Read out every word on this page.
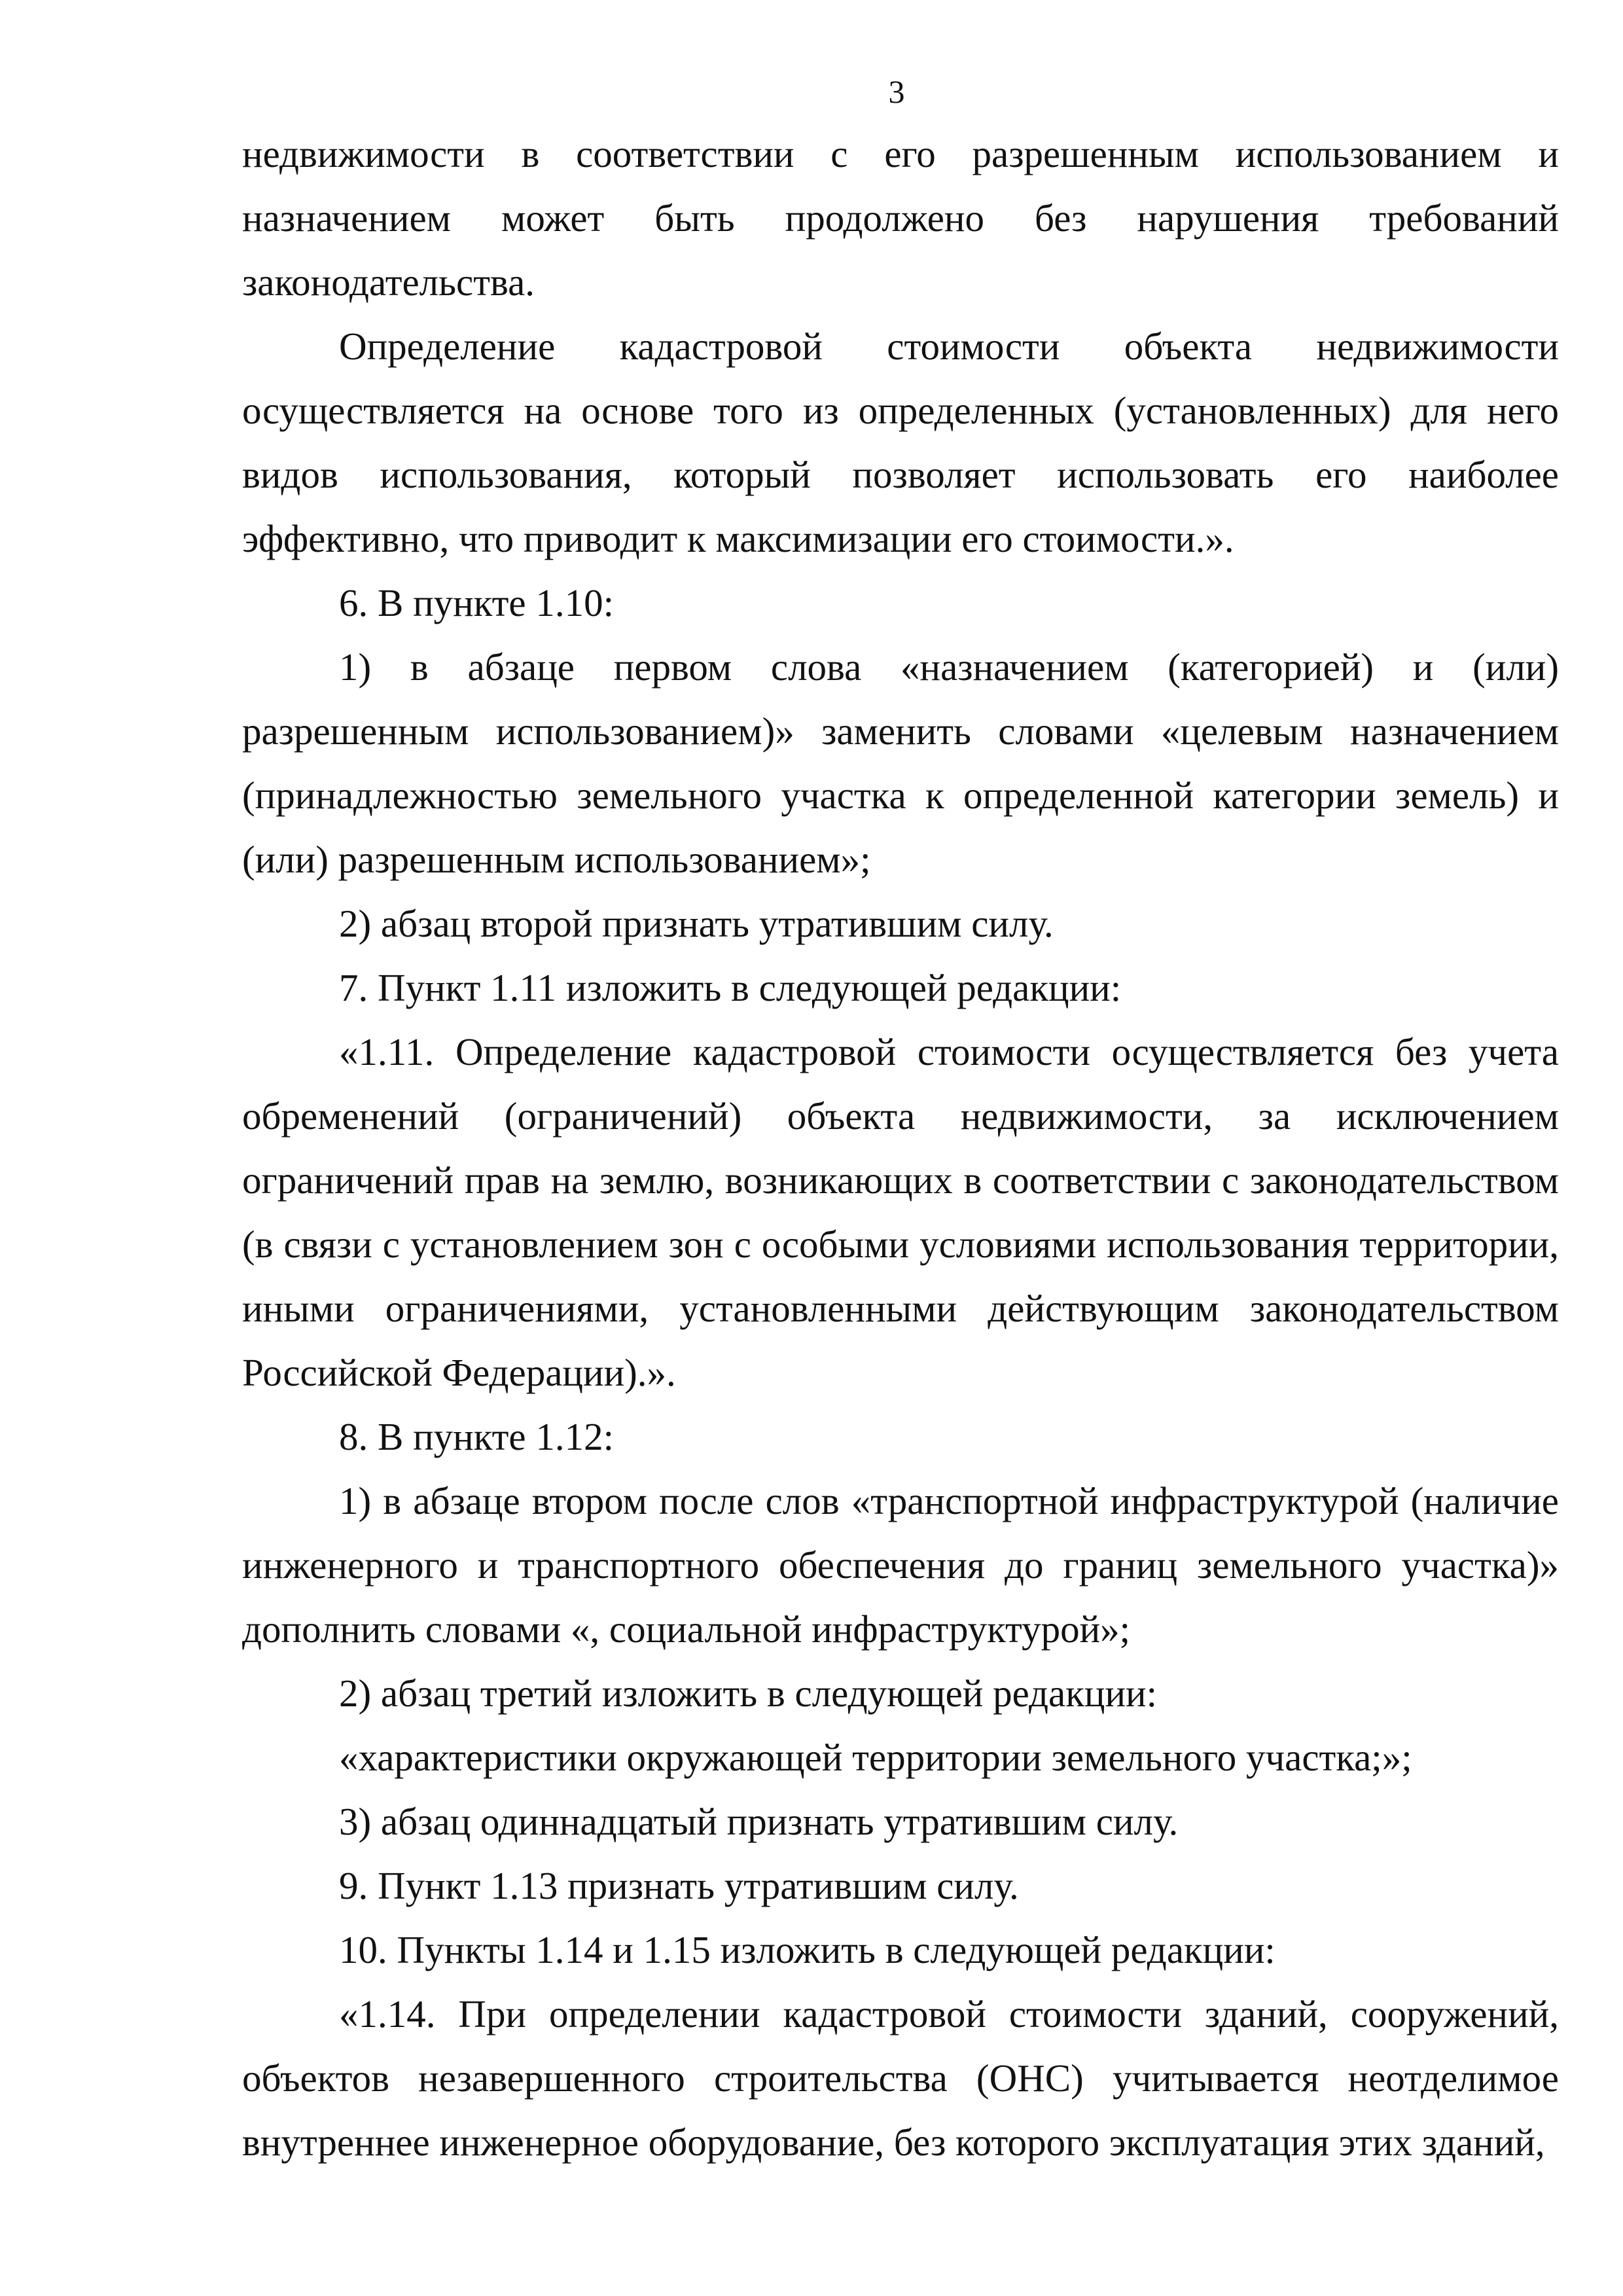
3

недвижимости в соответствии с его разрешенным использованием и назначением может быть продолжено без нарушения требований законодательства.

Определение кадастровой стоимости объекта недвижимости осуществляется на основе того из определенных (установленных) для него видов использования, который позволяет использовать его наиболее эффективно, что приводит к максимизации его стоимости.».

6. В пункте 1.10:

1) в абзаце первом слова «назначением (категорией) и (или) разрешенным использованием)» заменить словами «целевым назначением (принадлежностью земельного участка к определенной категории земель) и (или) разрешенным использованием»;

2) абзац второй признать утратившим силу.

7. Пункт 1.11 изложить в следующей редакции:

«1.11. Определение кадастровой стоимости осуществляется без учета обременений (ограничений) объекта недвижимости, за исключением ограничений прав на землю, возникающих в соответствии с законодательством (в связи с установлением зон с особыми условиями использования территории, иными ограничениями, установленными действующим законодательством Российской Федерации).».

8. В пункте 1.12:

1) в абзаце втором после слов «транспортной инфраструктурой (наличие инженерного и транспортного обеспечения до границ земельного участка)» дополнить словами «, социальной инфраструктурой»;

2) абзац третий изложить в следующей редакции:

«характеристики окружающей территории земельного участка;»;

3) абзац одиннадцатый признать утратившим силу.

9. Пункт 1.13 признать утратившим силу.

10. Пункты 1.14 и 1.15 изложить в следующей редакции:

«1.14. При определении кадастровой стоимости зданий, сооружений, объектов незавершенного строительства (ОНС) учитывается неотделимое внутреннее инженерное оборудование, без которого эксплуатация этих зданий,
